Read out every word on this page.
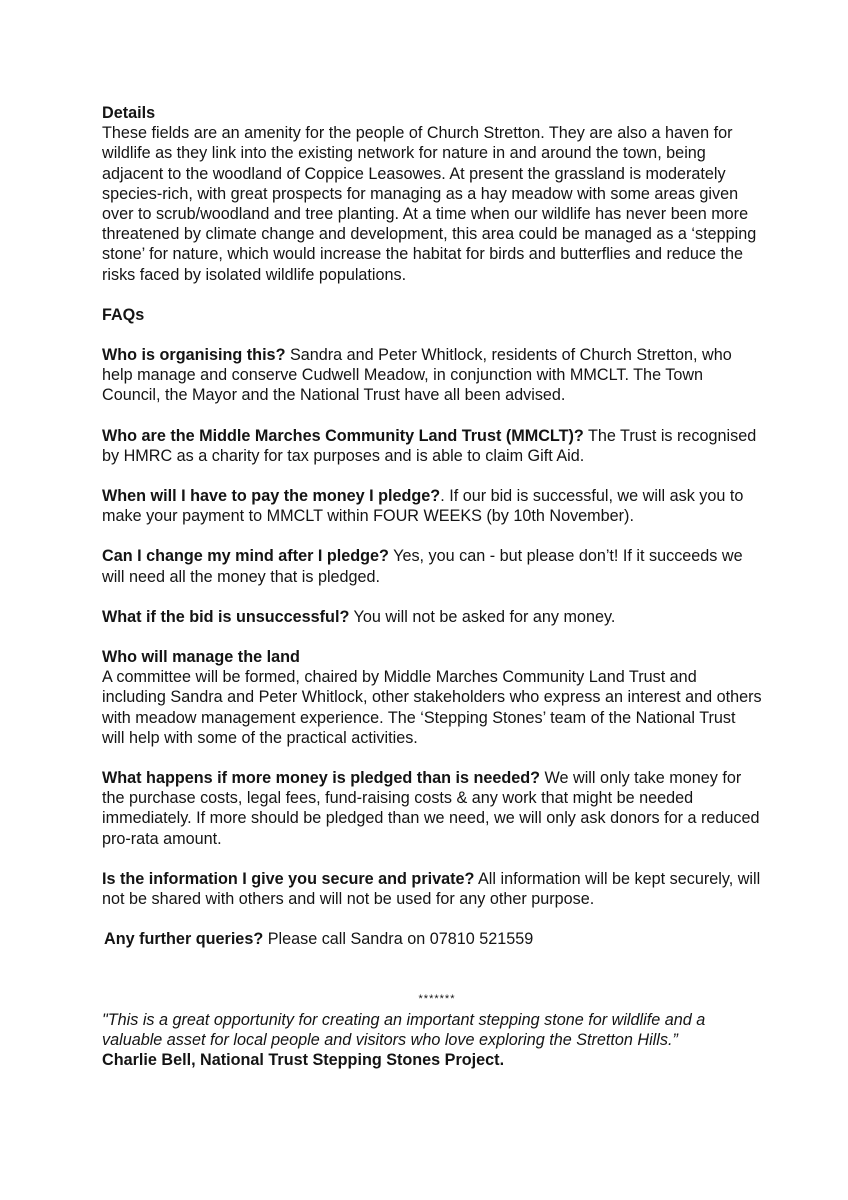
Details

These fields are an amenity for the people of Church Stretton. They are also a haven for wildlife as they link into the existing network for nature in and around the town, being adjacent to the woodland of Coppice Leasowes. At present the grassland is moderately species-rich, with great prospects for managing as a hay meadow with some areas given over to scrub/woodland and tree planting. At a time when our wildlife has never been more threatened by climate change and development, this area could be managed as a ‘stepping stone’ for nature, which would increase the habitat for birds and butterflies and reduce the risks faced by isolated wildlife populations.

FAQs

Who is organising this? Sandra and Peter Whitlock, residents of Church Stretton, who help manage and conserve Cudwell Meadow, in conjunction with MMCLT. The Town Council, the Mayor and the National Trust have all been advised.

Who are the Middle Marches Community Land Trust (MMCLT)? The Trust is recognised by HMRC as a charity for tax purposes and is able to claim Gift Aid.

When will I have to pay the money I pledge?. If our bid is successful, we will ask you to make your payment to MMCLT within FOUR WEEKS (by 10th November).

Can I change my mind after I pledge? Yes, you can - but please don’t! If it succeeds we will need all the money that is pledged.

What if the bid is unsuccessful? You will not be asked for any money.

Who will manage the land

A committee will be formed, chaired by Middle Marches Community Land Trust and including Sandra and Peter Whitlock, other stakeholders who express an interest and others with meadow management experience. The ‘Stepping Stones’ team of the National Trust will help with some of the practical activities.

What happens if more money is pledged than is needed? We will only take money for the purchase costs, legal fees, fund-raising costs & any work that might be needed immediately. If more should be pledged than we need, we will only ask donors for a reduced pro-rata amount.

Is the information I give you secure and private? All information will be kept securely, will not be shared with others and will not be used for any other purpose.

Any further queries? Please call Sandra on 07810 521559

*******

"This is a great opportunity for creating an important stepping stone for wildlife and a valuable asset for local people and visitors who love exploring the Stretton Hills.”

Charlie Bell, National Trust Stepping Stones Project.
